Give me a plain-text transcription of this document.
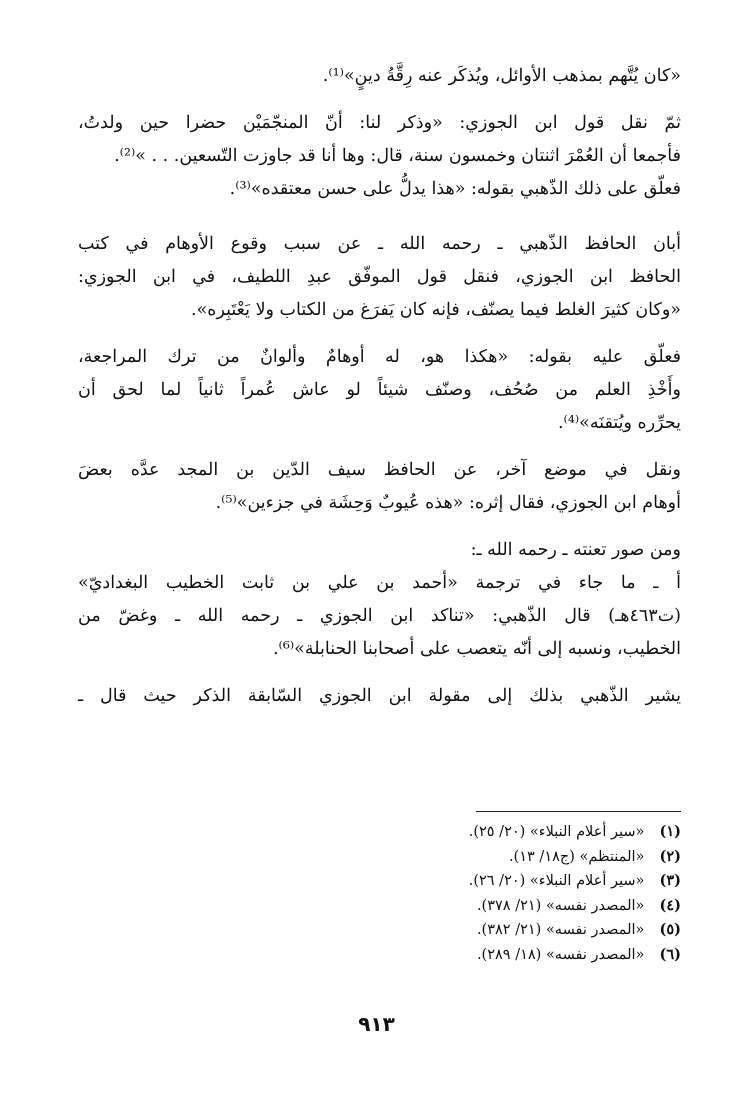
«كان يُتَّهم بمذهب الأوائل، ويُذكَر عنه رِقَّةُ دينٍ»⁽¹⁾.
ثمّ نقل قول ابن الجوزي: «وذكر لنا: أنّ المنجّمَيْن حضرا حين ولدتُ،
فأجمعا أن العُمْرَ اثنتان وخمسون سنة، قال: وها أنا قد جاوزت التّسعين. . . »⁽²⁾.
فعلّق على ذلك الذّهبي بقوله: «هذا يدلُّ على حسن معتقده»⁽³⁾.
أبان الحافظ الذّهبي ـ رحمه الله ـ عن سبب وقوع الأوهام في كتب
الحافظ ابن الجوزي، فنقل قول الموفّق عبدِ اللطيف، في ابن الجوزي:
«وكان كثيرَ الغلط فيما يصنّف، فإنه كان يَفرَغ من الكتاب ولا يَعْتَبِره».
فعلّق عليه بقوله: «هكذا هو، له أوهامٌ وألوانٌ من ترك المراجعة،
وأَخْذِ العلم من صُحُف، وصنّف شيئاً لو عاش عُمراً ثانياً لما لحق أن
يحرِّره ويُتقنَه»⁽⁴⁾.
ونقل في موضع آخر، عن الحافظ سيف الدّين بن المجد عدَّه بعضَ
أوهام ابن الجوزي، فقال إثره: «هذه عُيوبٌ وَحِشَة في جزءين»⁽⁵⁾.
ومن صور تعنته ـ رحمه الله ـ:
أ ـ ما جاء في ترجمة «أحمد بن علي بن ثابت الخطيب البغداديّ»
(ت٤٦٣هـ) قال الذّهبي: «تناكد ابن الجوزي ـ رحمه الله ـ وغضّ من
الخطيب، ونسبه إلى أنّه يتعصب على أصحابنا الحنابلة»⁽⁶⁾.
يشير الذّهبي بذلك إلى مقولة ابن الجوزي السّابقة الذكر حيث قال ـ
(١) «سير أعلام النبلاء» (٢٠/ ٢٥).
(٢) «المنتظم» (ج١٨/ ١٣).
(٣) «سير أعلام النبلاء» (٢٠/ ٢٦).
(٤) «المصدر نفسه» (٢١/ ٣٧٨).
(٥) «المصدر نفسه» (٢١/ ٣٨٢).
(٦) «المصدر نفسه» (١٨/ ٢٨٩).
٩١٣
